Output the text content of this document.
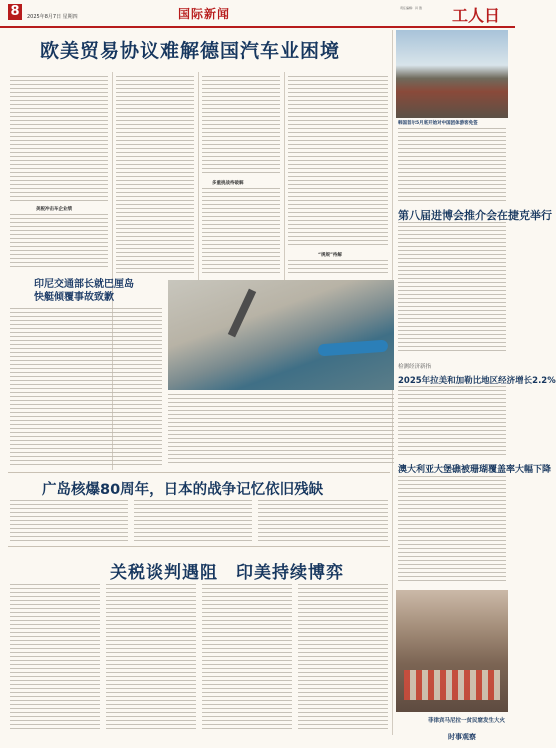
8	2025年8月7日 星期四	国际新闻	责任编辑：肖 胜	工人日
欧美贸易协议难解德国汽车业困境
美税冲击车企业绩
多重挑战待破解
“规规”待解
印尼交通部长就巴厘岛
快艇倾覆事故致歉
广岛核爆80周年，日本的战争记忆依旧残缺
关税谈判遇阻　印美持续博弈
韩国首尔5月底开始对中国团体游客免签
第八届进博会推介会在捷克举行
检测经济新指
2025年拉美和加勒比地区经济增长2.2%
澳大利亚大堡礁被珊瑚覆盖率大幅下降
菲律宾马尼拉一贫民窟发生大火
时事观察
